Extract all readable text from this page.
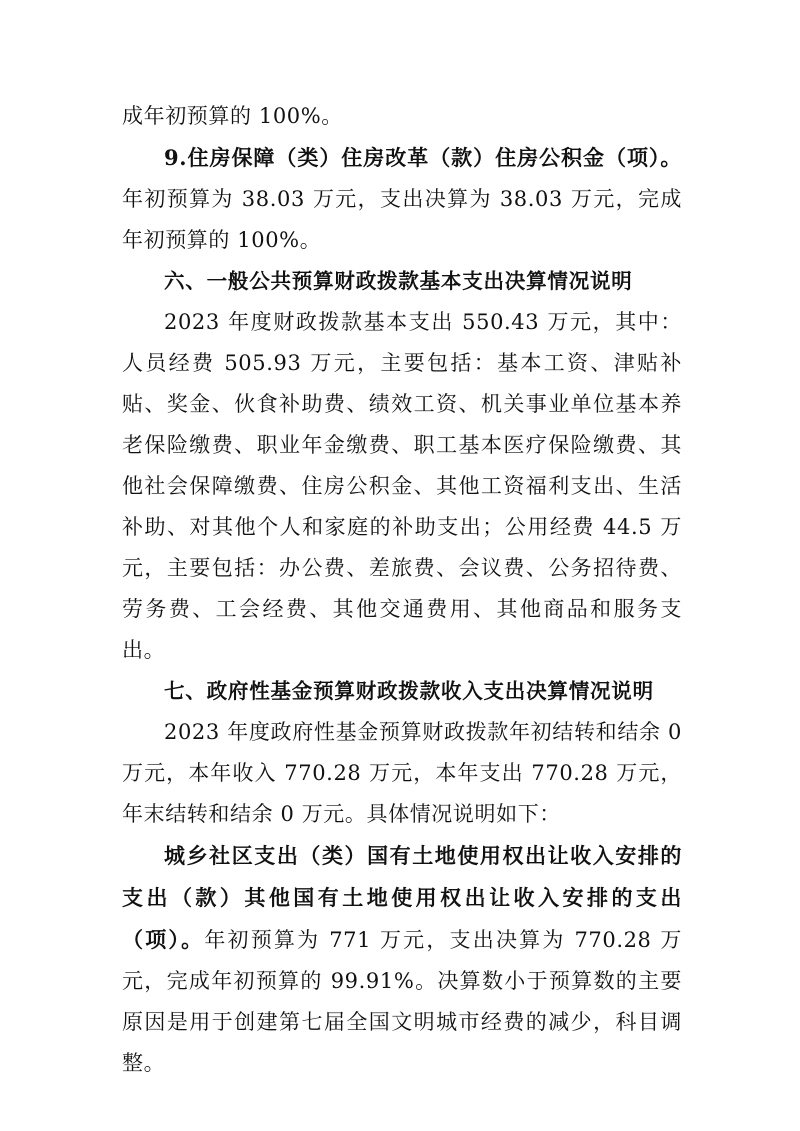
成年初预算的 100%。

9.住房保障（类）住房改革（款）住房公积金（项）。年初预算为 38.03 万元，支出决算为 38.03 万元，完成年初预算的 100%。

六、一般公共预算财政拨款基本支出决算情况说明

2023 年度财政拨款基本支出 550.43 万元，其中：人员经费 505.93 万元，主要包括：基本工资、津贴补贴、奖金、伙食补助费、绩效工资、机关事业单位基本养老保险缴费、职业年金缴费、职工基本医疗保险缴费、其他社会保障缴费、住房公积金、其他工资福利支出、生活补助、对其他个人和家庭的补助支出；公用经费 44.5 万元，主要包括：办公费、差旅费、会议费、公务招待费、劳务费、工会经费、其他交通费用、其他商品和服务支出。

七、政府性基金预算财政拨款收入支出决算情况说明

2023 年度政府性基金预算财政拨款年初结转和结余 0 万元，本年收入 770.28 万元，本年支出 770.28 万元，年末结转和结余 0 万元。具体情况说明如下：

城乡社区支出（类）国有土地使用权出让收入安排的支出（款）其他国有土地使用权出让收入安排的支出（项）。年初预算为 771 万元，支出决算为 770.28 万元，完成年初预算的 99.91%。决算数小于预算数的主要原因是用于创建第七届全国文明城市经费的减少，科目调整。
